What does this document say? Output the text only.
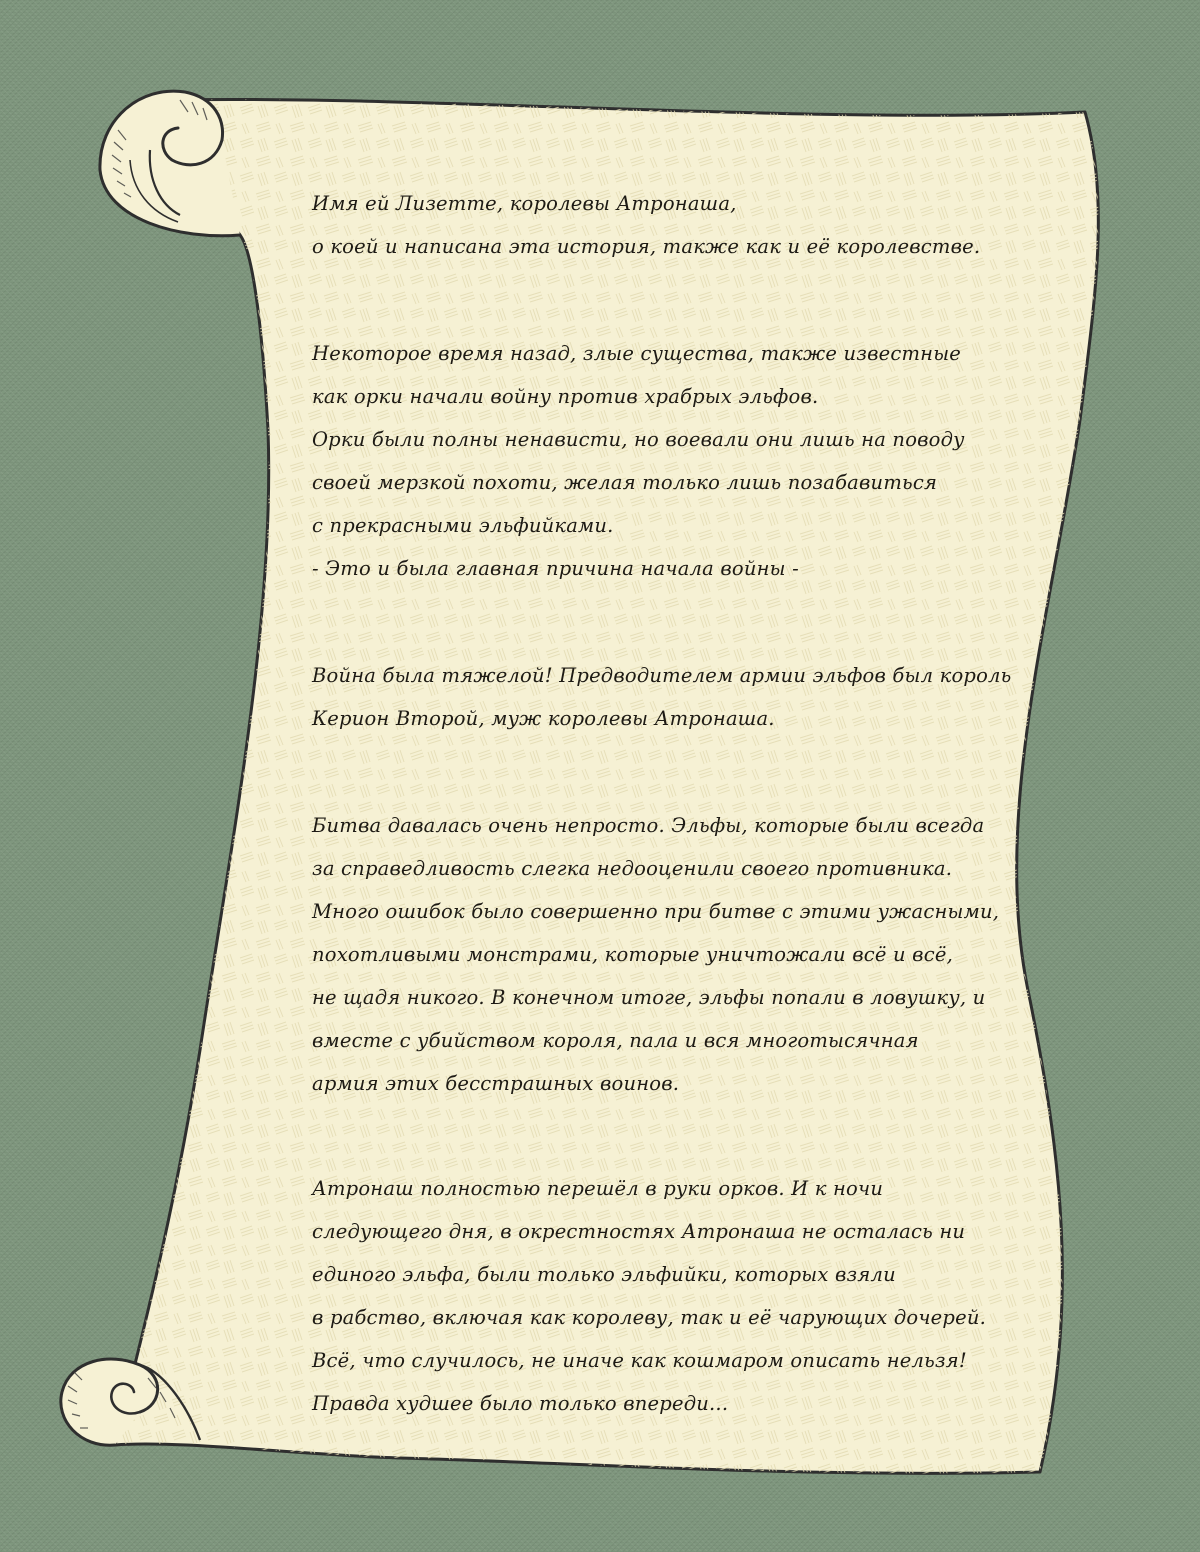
Имя ей Лизетте, королевы Атронаша,
о коей и написана эта история, также как и её королевстве.
Некоторое время назад, злые существа, также известные
как орки начали войну против храбрых эльфов.
Орки были полны ненависти, но воевали они лишь на поводу
своей мерзкой похоти, желая только лишь позабавиться
с прекрасными эльфийками.
- Это и была главная причина начала войны -
Война была тяжелой! Предводителем армии эльфов был король
Керион Второй, муж королевы Атронаша.
Битва давалась очень непросто. Эльфы, которые были всегда
за справедливость слегка недооценили своего противника.
Много ошибок было совершенно при битве с этими ужасными,
похотливыми монстрами, которые уничтожали всё и всё,
не щадя никого. В конечном итоге, эльфы попали в ловушку, и
вместе с убийством короля, пала и вся многотысячная
армия этих бесстрашных воинов.
Атронаш полностью перешёл в руки орков. И к ночи
следующего дня, в окрестностях Атронаша не осталась ни
единого эльфа, были только эльфийки, которых взяли
в рабство, включая как королеву, так и её чарующих дочерей.
Всё, что случилось, не иначе как кошмаром описать нельзя!
Правда худшее было только впереди...
